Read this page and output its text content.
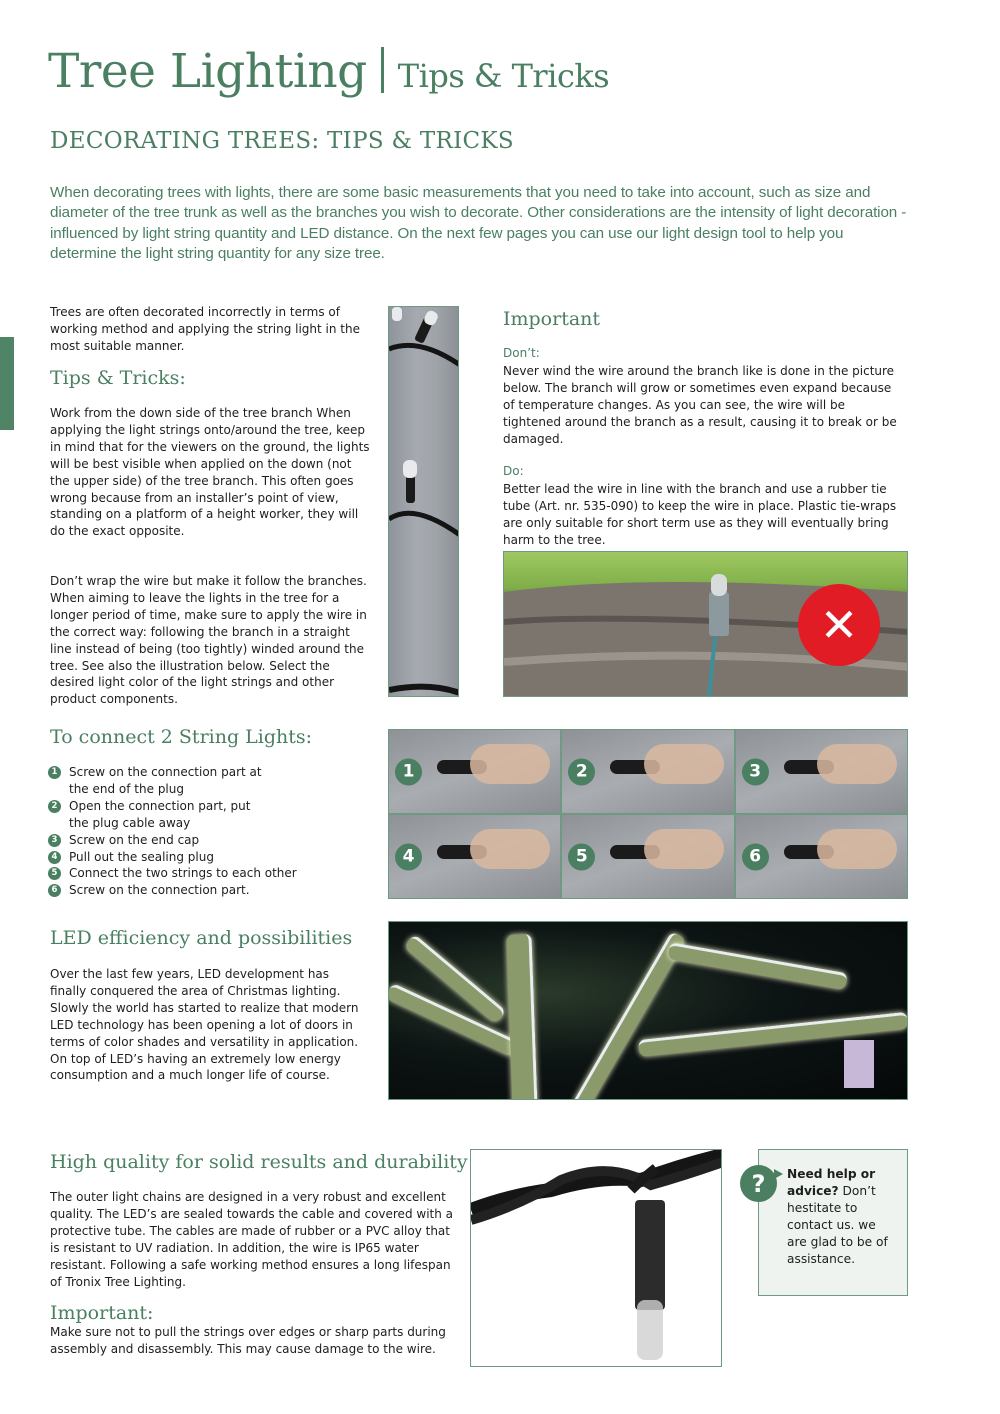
Tree Lighting Tips & Tricks
DECORATING TREES: TIPS & TRICKS

When decorating trees with lights, there are some basic measurements that you need to take into account, such as size and diameter of the tree trunk as well as the branches you wish to decorate. Other considerations are the intensity of light decoration - influenced by light string quantity and LED distance. On the next few pages you can use our light design tool to help you determine the light string quantity for any size tree.

Trees are often decorated incorrectly in terms of working method and applying the string light in the most suitable manner.

Tips & Tricks:

Work from the down side of the tree branch When applying the light strings onto/around the tree, keep in mind that for the viewers on the ground, the lights will be best visible when applied on the down (not the upper side) of the tree branch. This often goes wrong because from an installer’s point of view, standing on a platform of a height worker, they will do the exact opposite.

Don’t wrap the wire but make it follow the branches. When aiming to leave the lights in the tree for a longer period of time, make sure to apply the wire in the correct way: following the branch in a straight line instead of being (too tightly) winded around the tree. See also the illustration below. Select the desired light color of the light strings and other product components.

Important
Don’t:

Never wind the wire around the branch like is done in the picture below. The branch will grow or sometimes even expand because of temperature changes. As you can see, the wire will be tightened around the branch as a result, causing it to break or be damaged.

Do:

Better lead the wire in line with the branch and use a rubber tie tube (Art. nr. 535-090) to keep the wire in place. Plastic tie-wraps are only suitable for short term use as they will eventually bring harm to the tree.

✕
To connect 2 String Lights:
1 Screw on the connection part at the end of the plug
2 Open the connection part, put the plug cable away
3 Screw on the end cap
4 Pull out the sealing plug
5 Connect the two strings to each other
6 Screw on the connection part.
1	2	3
4	5	6
LED efficiency and possibilities

Over the last few years, LED development has finally conquered the area of Christmas lighting. Slowly the world has started to realize that modern LED technology has been opening a lot of doors in terms of color shades and versatility in application. On top of LED’s having an extremely low energy consumption and a much longer life of course.

High quality for solid results and durability

The outer light chains are designed in a very robust and excellent quality. The LED’s are sealed towards the cable and covered with a protective tube. The cables are made of rubber or a PVC alloy that is resistant to UV radiation. In addition, the wire is IP65 water resistant. Following a safe working method ensures a long lifespan of Tronix Tree Lighting.

Important:

Make sure not to pull the strings over edges or sharp parts during assembly and disassembly. This may cause damage to the wire.

?	Need help or advice? Don’t hestitate to contact us. we are glad to be of assistance.
